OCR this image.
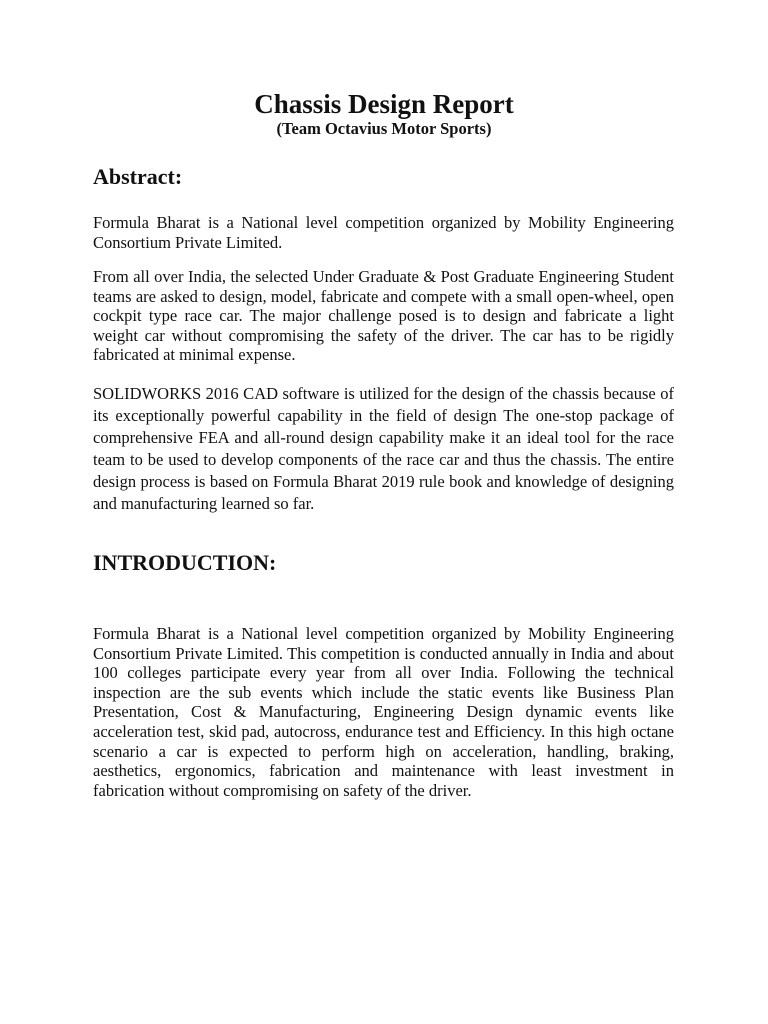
Chassis Design Report
(Team Octavius Motor Sports)
Abstract:

Formula Bharat is a National level competition organized by Mobility Engineering Consortium Private Limited.

From all over India, the selected Under Graduate & Post Graduate Engineering Student teams are asked to design, model, fabricate and compete with a small open-wheel, open cockpit type race car. The major challenge posed is to design and fabricate a light weight car without compromising the safety of the driver. The car has to be rigidly fabricated at minimal expense.

SOLIDWORKS 2016 CAD software is utilized for the design of the chassis because of its exceptionally powerful capability in the field of design The one-stop package of comprehensive FEA and all-round design capability make it an ideal tool for the race team to be used to develop components of the race car and thus the chassis. The entire design process is based on Formula Bharat 2019 rule book and knowledge of designing and manufacturing learned so far.

INTRODUCTION:

Formula Bharat is a National level competition organized by Mobility Engineering Consortium Private Limited. This competition is conducted annually in India and about 100 colleges participate every year from all over India. Following the technical inspection are the sub events which include the static events like Business Plan Presentation, Cost & Manufacturing, Engineering Design dynamic events like acceleration test, skid pad, autocross, endurance test and Efficiency. In this high octane scenario a car is expected to perform high on acceleration, handling, braking, aesthetics, ergonomics, fabrication and maintenance with least investment in fabrication without compromising on safety of the driver.
